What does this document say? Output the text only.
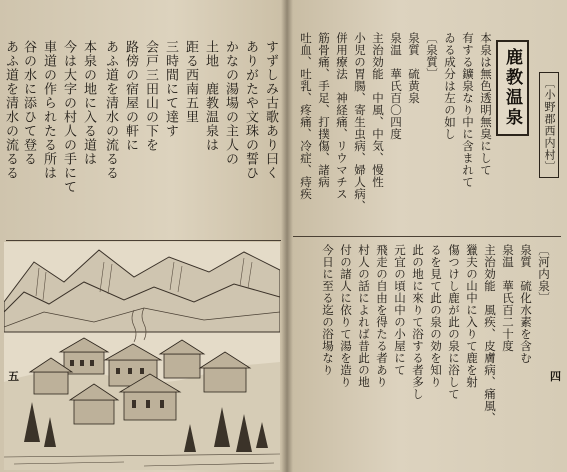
すずしみ古歌あり曰く
ありがたや文珠の誓ひ
かなの湯場の主人の
土地　鹿教温泉は
距る西南五里
三時間にて達す
会戸三田山の下を
路傍の宿屋の軒に
あふ道を清水の流るる
本泉の地に入る道は
今は大字の村人の手にて
車道の作られたる所は
谷の水に添ひて登る
あふ道を清水の流るる
五
鹿教温泉	〔小野郡西内村〕
本泉は無色透明無臭にして
有する鑛泉なり中に含まれて
ゐる成分は左の如し
〔泉質〕
泉質　硫黄泉
泉温　華氏百〇四度
主治効能　中風、中気、慢性
小児の胃腸、寄生虫病、婦人病、
併用療法　神経痛、リウマチス
筋骨痛、手足、打撲傷、諸病
吐血、吐乳、疼痛、冷症、痔疾
〔河内泉〕
泉質　硫化水素を含む
泉温　華氏百二十度
主治効能　風疾、皮膚病、痛風、
獵夫の山中に入りて鹿を射
傷つけし鹿が此の泉に浴して
るを見て此の泉の効を知り
此の地に來りて浴する者多し
元宜の頃山中の小屋にて
飛走の自由を得たる者あり
村人の話によれば昔此の地
付の諸人に依りて湯を造り
今日に至る迄の浴場なり
四
